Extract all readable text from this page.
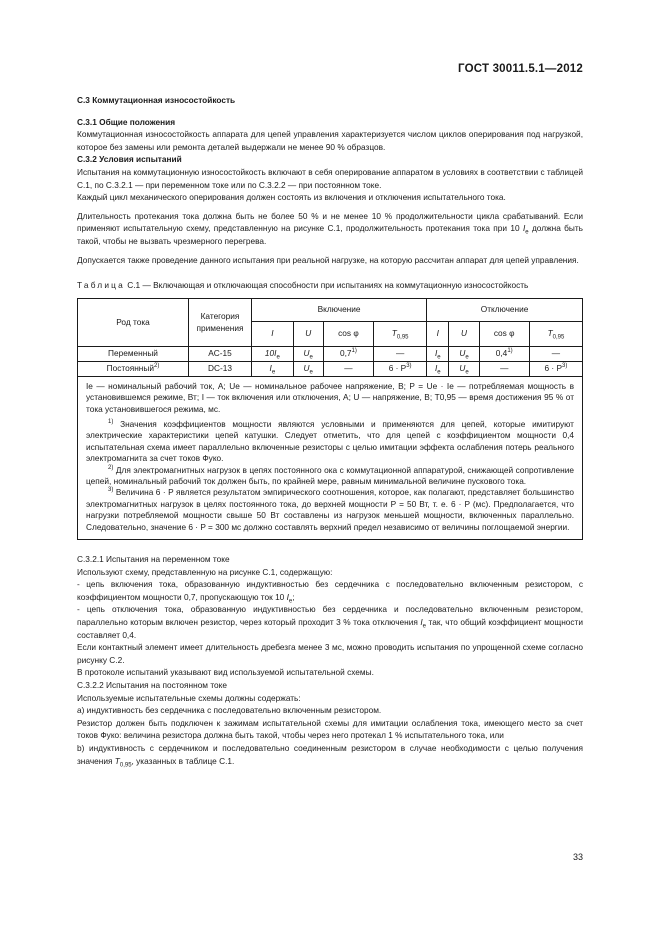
ГОСТ 30011.5.1—2012

С.3 Коммутационная износостойкость

С.3.1 Общие положения

Коммутационная износостойкость аппарата для цепей управления характеризуется числом циклов оперирования под нагрузкой, которое без замены или ремонта деталей выдержали не менее 90 % образцов.

С.3.2 Условия испытаний

Испытания на коммутационную износостойкость включают в себя оперирование аппаратом в условиях в соответствии с таблицей С.1, по С.3.2.1 — при переменном токе или по С.3.2.2 — при постоянном токе.

Каждый цикл механического оперирования должен состоять из включения и отключения испытательного тока.

Длительность протекания тока должна быть не более 50 % и не менее 10 % продолжительности цикла срабатываний. Если применяют испытательную схему, представленную на рисунке С.1, продолжительность протекания тока при 10 $I_e$ должна быть такой, чтобы не вызвать чрезмерного перегрева.

Допускается также проведение данного испытания при реальной нагрузке, на которую рассчитан аппарат для цепей управления.

Таблица С.1 — Включающая и отключающая способности при испытаниях на коммутационную износостойкость

Род тока	Категория применения	Включение				Отключение			
		I	U	cos φ	$T_{0,95}$	I	U	cos φ	$T_{0,95}$
Переменный	AC-15	$10I_e$	$U_e$	0,7$^{1)}$	—	$I_e$	$U_e$	0,4$^{1)}$	—
Постоянный$^{2)}$	DC-13	$I_e$	$U_e$	—	$6 \cdot P^{3)}$	$I_e$	$U_e$	—	$6 \cdot P^{3)}$

Iе — номинальный рабочий ток, А; Uе — номинальное рабочее напряжение, В; P = Uе · Iе — потребляемая мощность в установившемся режиме, Вт; I — ток включения или отключения, А; U — напряжение, В; T0,95 — время достижения 95 % от тока установившегося режима, мс.

$^{1)}$ Значения коэффициентов мощности являются условными и применяются для цепей, которые имитируют электрические характеристики цепей катушки. Следует отметить, что для цепей с коэффициентом мощности 0,4 испытательная схема имеет параллельно включенные резисторы с целью имитации эффекта ослабления потерь реального электромагнита за счет токов Фуко.

$^{2)}$ Для электромагнитных нагрузок в цепях постоянного ока с коммутационной аппаратурой, снижающей сопротивление цепей, номинальный рабочий ток должен быть, по крайней мере, равным минимальной величине пускового тока.

$^{3)}$ Величина 6 · P является результатом эмпирического соотношения, которое, как полагают, представляет большинство электромагнитных нагрузок в целях постоянного тока, до верхней мощности P = 50 Вт, т. е. 6 · P (мс). Предполагается, что нагрузки потребляемой мощности свыше 50 Вт составлены из нагрузок меньшей мощности, включенных параллельно. Следовательно, значение 6 · P = 300 мс должно составлять верхний предел независимо от величины поглощаемой энергии.									

С.3.2.1 Испытания на переменном токе

Используют схему, представленную на рисунке С.1, содержащую:

- цепь включения тока, образованную индуктивностью без сердечника с последовательно включенным резистором, с коэффициентом мощности 0,7, пропускающую ток 10 $I_e$;

- цепь отключения тока, образованную индуктивностью без сердечника и последовательно включенным резистором, параллельно которым включен резистор, через который проходит 3 % тока отключения $I_e$ так, что общий коэффициент мощности составляет 0,4.

Если контактный элемент имеет длительность дребезга менее 3 мс, можно проводить испытания по упрощенной схеме согласно рисунку С.2.

В протоколе испытаний указывают вид используемой испытательной схемы.

С.3.2.2 Испытания на постоянном токе

Используемые испытательные схемы должны содержать:

а) индуктивность без сердечника с последовательно включенным резистором.

Резистор должен быть подключен к зажимам испытательной схемы для имитации ослабления тока, имеющего место за счет токов Фуко: величина резистора должна быть такой, чтобы через него протекал 1 % испытательного тока, или

b) индуктивность с сердечником и последовательно соединенным резистором в случае необходимости с целью получения значения $T_{0,95}$, указанных в таблице С.1.

33
